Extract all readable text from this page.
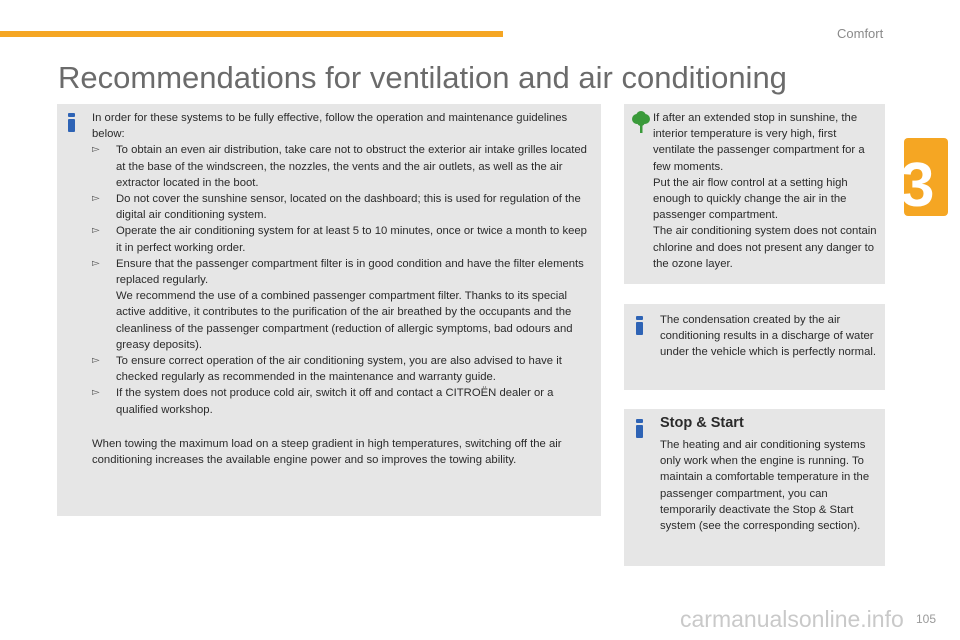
Comfort
3
Recommendations for ventilation and air conditioning

In order for these systems to be fully effective, follow the operation and maintenance guidelines below:

▻ To obtain an even air distribution, take care not to obstruct the exterior air intake grilles located at the base of the windscreen, the nozzles, the vents and the air outlets, as well as the air extractor located in the boot.
▻ Do not cover the sunshine sensor, located on the dashboard; this is used for regulation of the digital air conditioning system.
▻ Operate the air conditioning system for at least 5 to 10 minutes, once or twice a month to keep it in perfect working order.
▻ Ensure that the passenger compartment filter is in good condition and have the filter elements replaced regularly.
We recommend the use of a combined passenger compartment filter. Thanks to its special active additive, it contributes to the purification of the air breathed by the occupants and the cleanliness of the passenger compartment (reduction of allergic symptoms, bad odours and greasy deposits).
▻ To ensure correct operation of the air conditioning system, you are also advised to have it checked regularly as recommended in the maintenance and warranty guide.
▻ If the system does not produce cold air, switch it off and contact a CITROËN dealer or a qualified workshop.

When towing the maximum load on a steep gradient in high temperatures, switching off the air conditioning increases the available engine power and so improves the towing ability.

If after an extended stop in sunshine, the interior temperature is very high, first ventilate the passenger compartment for a few moments.
Put the air flow control at a setting high enough to quickly change the air in the passenger compartment.
The air conditioning system does not contain chlorine and does not present any danger to the ozone layer.
The condensation created by the air conditioning results in a discharge of water under the vehicle which is perfectly normal.
Stop & Start
The heating and air conditioning systems only work when the engine is running. To maintain a comfortable temperature in the passenger compartment, you can temporarily deactivate the Stop & Start system (see the corresponding section).
carmanualsonline.info 105
